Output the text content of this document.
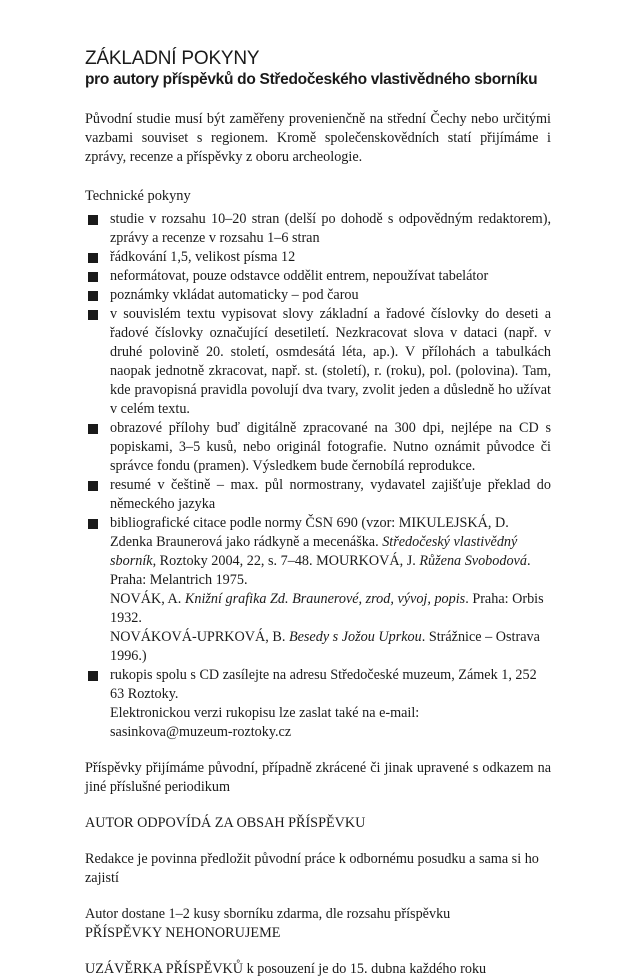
ZÁKLADNÍ POKYNY
pro autory příspěvků do Středočeského vlastivědného sborníku

Původní studie musí být zaměřeny provenienčně na střední Čechy nebo určitými vazbami souviset s regionem. Kromě společenskovědních statí přijímáme i zprávy, recenze a příspěvky z oboru archeologie.

Technické pokyny
studie v rozsahu 10–20 stran (delší po dohodě s odpovědným redaktorem), zprávy a recenze v rozsahu 1–6 stran
řádkování 1,5, velikost písma 12
neformátovat, pouze odstavce oddělit entrem, nepoužívat tabelátor
poznámky vkládat automaticky – pod čarou
v souvislém textu vypisovat slovy základní a řadové číslovky do deseti a řadové číslovky označující desetiletí. Nezkracovat slova v dataci (např. v druhé polovině 20. století, osmdesátá léta, ap.). V přílohách a tabulkách naopak jednotně zkracovat, např. st. (století), r. (roku), pol. (polovina). Tam, kde pravopisná pravidla povolují dva tvary, zvolit jeden a důsledně ho užívat v celém textu.
obrazové přílohy buď digitálně zpracované na 300 dpi, nejlépe na CD s popiskami, 3–5 kusů, nebo originál fotografie. Nutno oznámit původce či správce fondu (pramen). Výsledkem bude černobílá reprodukce.
resumé v češtině – max. půl normostrany, vydavatel zajišťuje překlad do německého jazyka
bibliografické citace podle normy ČSN 690 (vzor: MIKULEJSKÁ, D. Zdenka Braunerová jako rádkyně a mecenáška. Středočeský vlastivědný sborník, Roztoky 2004, 22, s. 7–48. MOURKOVÁ, J. Růžena Svobodová. Praha: Melantrich 1975.
NOVÁK, A. Knižní grafika Zd. Braunerové, zrod, vývoj, popis. Praha: Orbis 1932.
NOVÁKOVÁ-UPRKOVÁ, B. Besedy s Jožou Uprkou. Strážnice – Ostrava 1996.)
rukopis spolu s CD zasílejte na adresu Středočeské muzeum, Zámek 1, 252 63 Roztoky.
Elektronickou verzi rukopisu lze zaslat také na e-mail:
sasinkova@muzeum-roztoky.cz

Příspěvky přijímáme původní, případně zkrácené či jinak upravené s odkazem na jiné příslušné periodikum

AUTOR ODPOVÍDÁ ZA OBSAH PŘÍSPĚVKU

Redakce je povinna předložit původní práce k odbornému posudku a sama si ho zajistí

Autor dostane 1–2 kusy sborníku zdarma, dle rozsahu příspěvku

PŘÍSPĚVKY NEHONORUJEME

UZÁVĚRKA PŘÍSPĚVKŮ k posouzení je do 15. dubna každého roku
